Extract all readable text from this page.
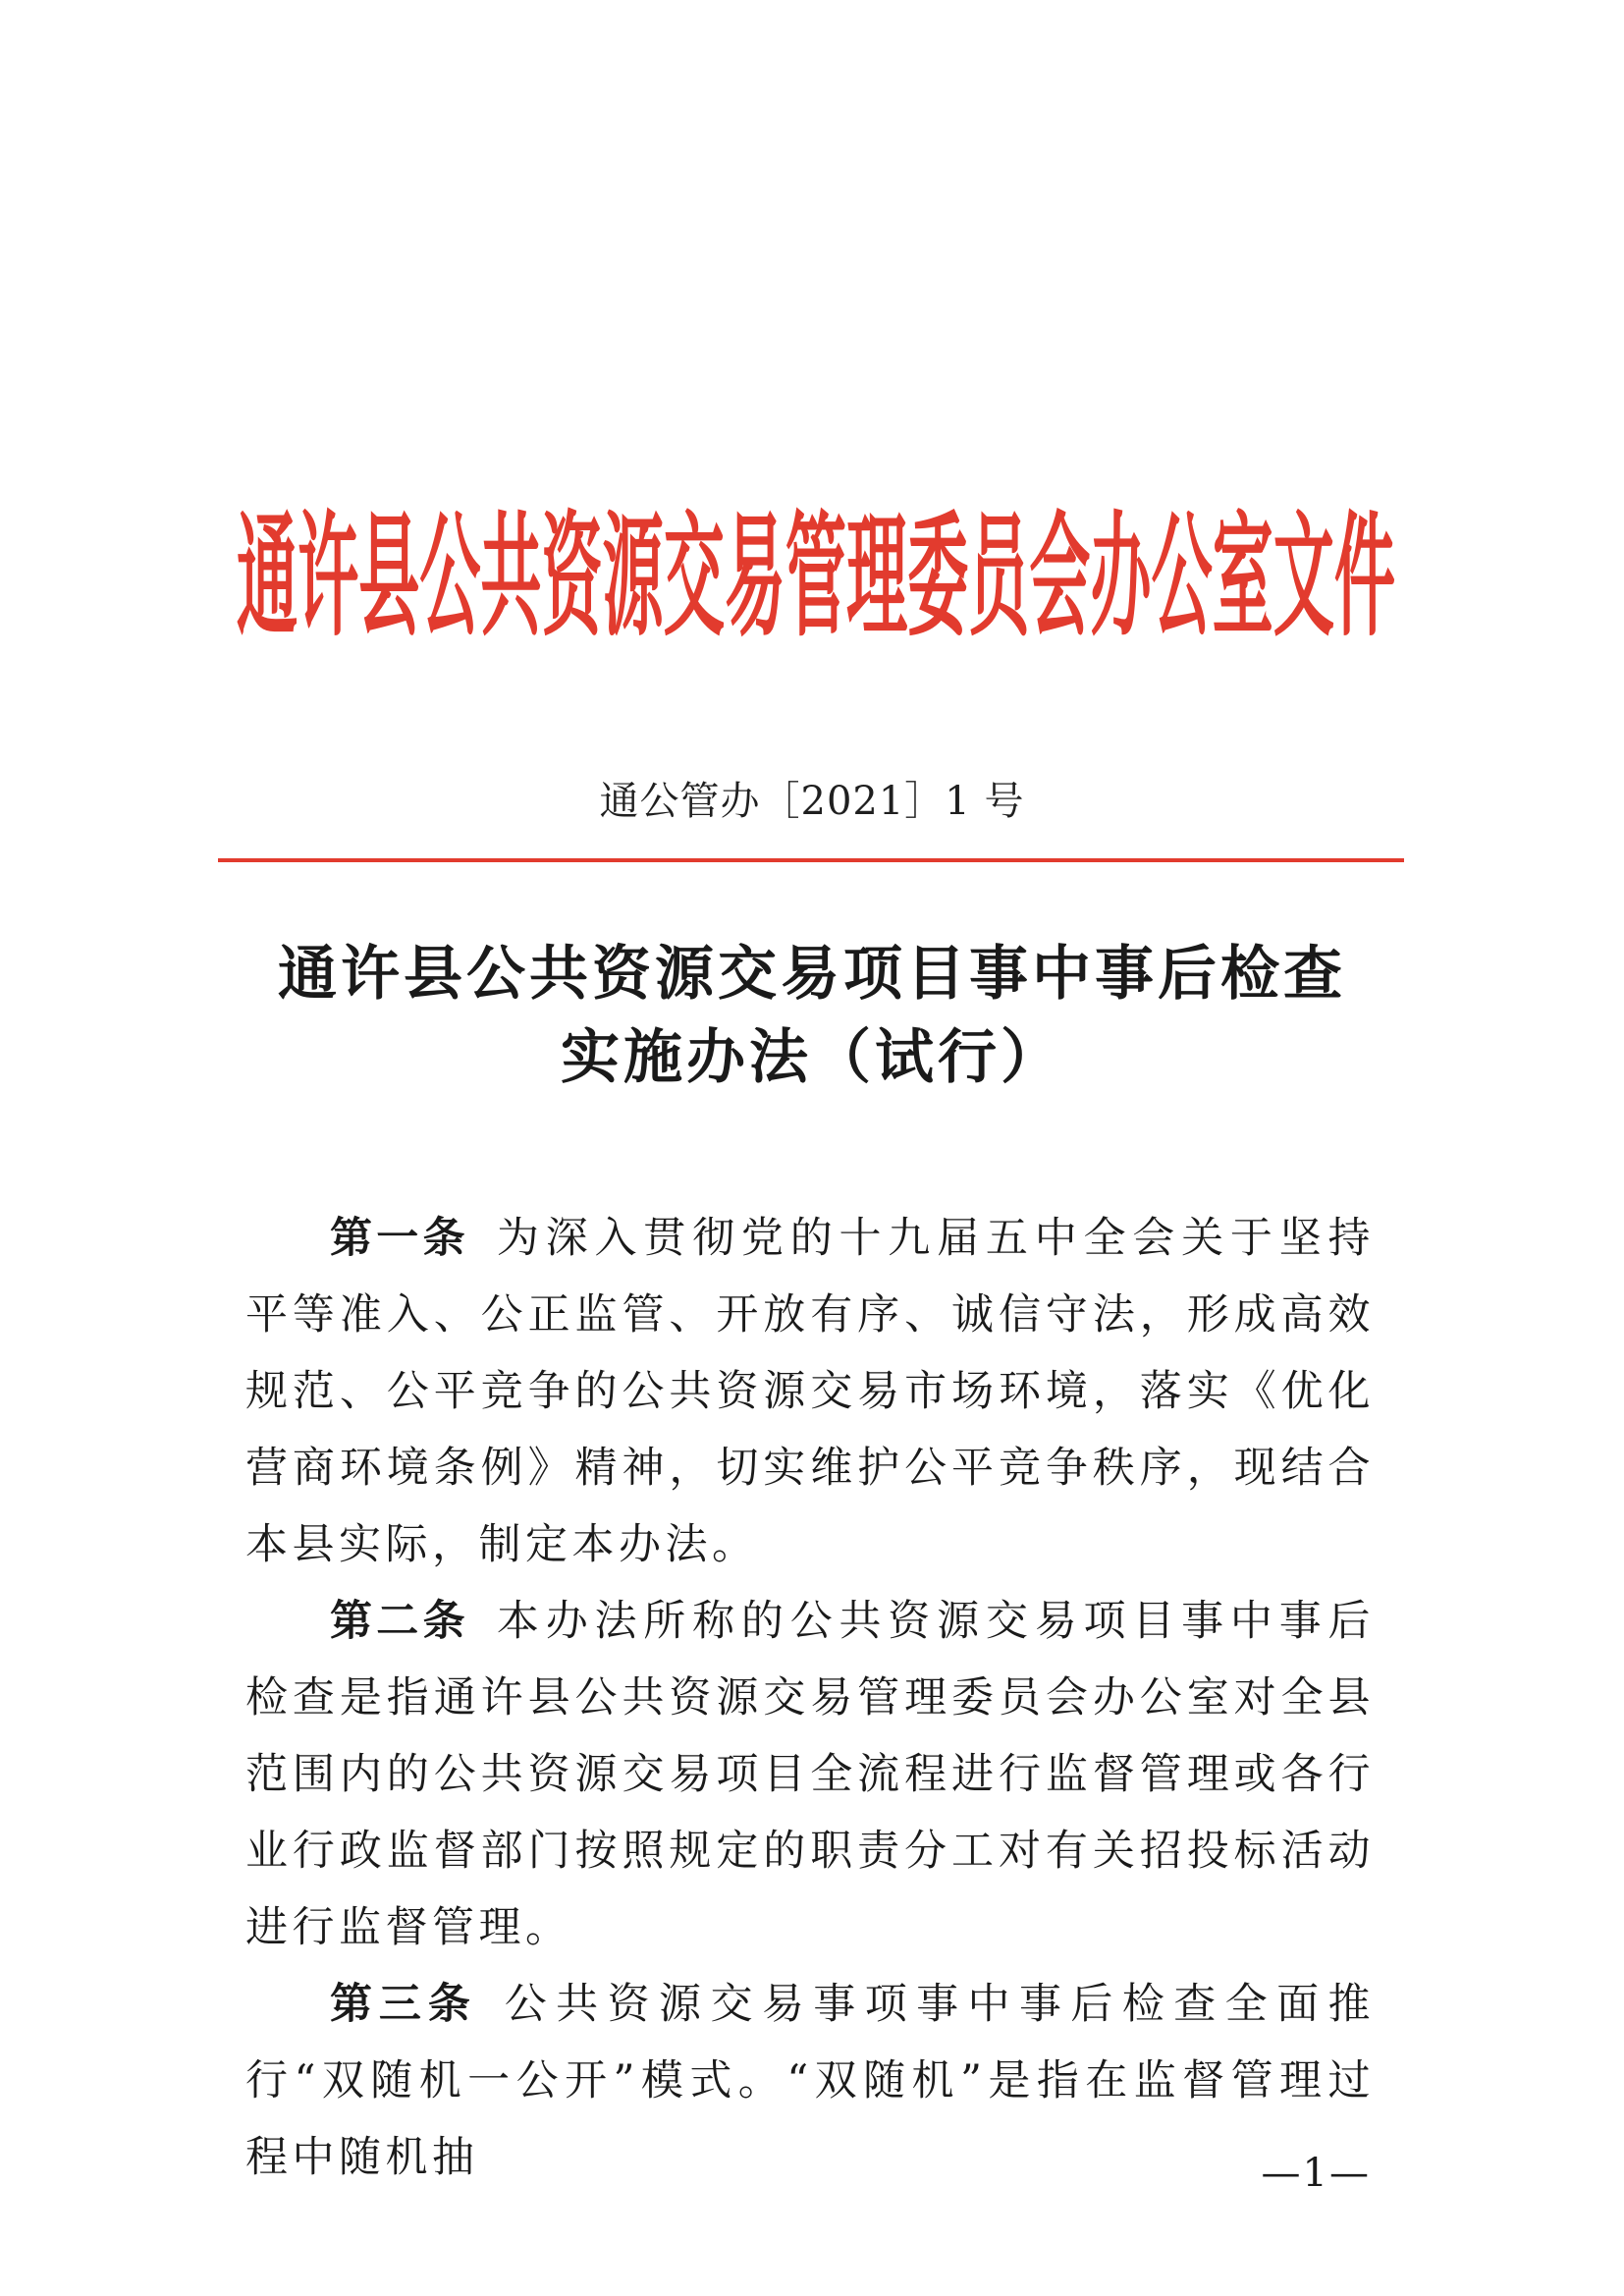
通许县公共资源交易管理委员会办公室文件
通公管办［2021］1 号
通许县公共资源交易项目事中事后检查
实施办法（试行）

第一条 为深入贯彻党的十九届五中全会关于坚持平等准入、公正监管、开放有序、诚信守法，形成高效规范、公平竞争的公共资源交易市场环境，落实《优化营商环境条例》精神，切实维护公平竞争秩序，现结合本县实际，制定本办法。

第二条 本办法所称的公共资源交易项目事中事后检查是指通许县公共资源交易管理委员会办公室对全县范围内的公共资源交易项目全流程进行监督管理或各行业行政监督部门按照规定的职责分工对有关招投标活动进行监督管理。

第三条 公共资源交易事项事中事后检查全面推行“双随机一公开”模式。“双随机”是指在监督管理过程中随机抽	—1—
